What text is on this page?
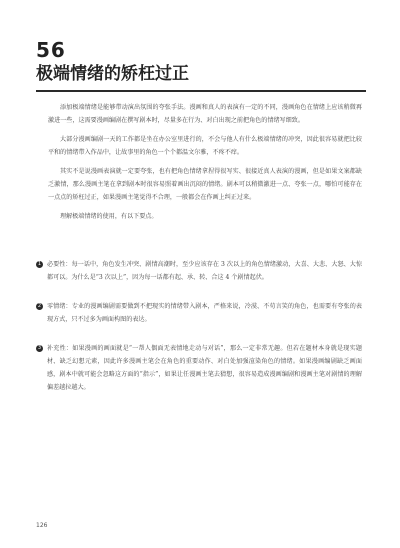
56
极端情绪的矫枉过正

添加极端情绪是能够带动演出氛围的夸张手法。漫画和真人的表演有一定的不同，漫画角色在情绪上应该稍微再激进一些，这需要漫画编剧在撰写剧本时，尽量多在行为、对白出现之前把角色的情绪写细致。

大部分漫画编剧一天的工作都是坐在办公室里进行的，不会与他人有什么极端情绪的冲突，因此很容易就把比较平和的情绪带入作品中，让故事里的角色一个个都温文尔雅，不疼不痒。

其实不是说漫画表演就一定要夸张，也有把角色情绪拿捏得很写实、很接近真人表演的漫画，但是如果文案都缺乏激情，那么漫画主笔在拿到剧本时很容易照着画出沉闷的情绪。剧本可以稍微激进一点、夸张一点，哪怕可能存在一点点的矫枉过正，如果漫画主笔觉得不合理，一般都会在作画上纠正过来。

理解极端情绪的使用，有以下要点。

1 必要性：每一话中，角色发生冲突、剧情高潮时，至少应该存在 3 次以上的角色情绪激动，大喜、大悲、大怒、大惊都可以。为什么是“3 次以上”，因为每一话都有起、承、转、合这 4 个剧情起伏。

2 零情绪：专业的漫画编剧需要做到不把现实的情绪带入剧本，严格来说，冷漠、不苟言笑的角色，也需要有夸张的表现方式，只不过多为画面构图的表达。

3 补充性：如果漫画的画面就是“一帮人偶面无表情地走动与对话”，那么一定非常无趣。但若在题材本身就是现实题材、缺乏幻想元素，因此许多漫画主笔会在角色的重要动作、对白处加强渲染角色的情绪。如果漫画编剧缺乏画面感，剧本中就可能会忽略这方面的“指示”，如果让任漫画主笔去猜想，很容易造成漫画编剧和漫画主笔对剧情的理解偏差越拉越大。

126
